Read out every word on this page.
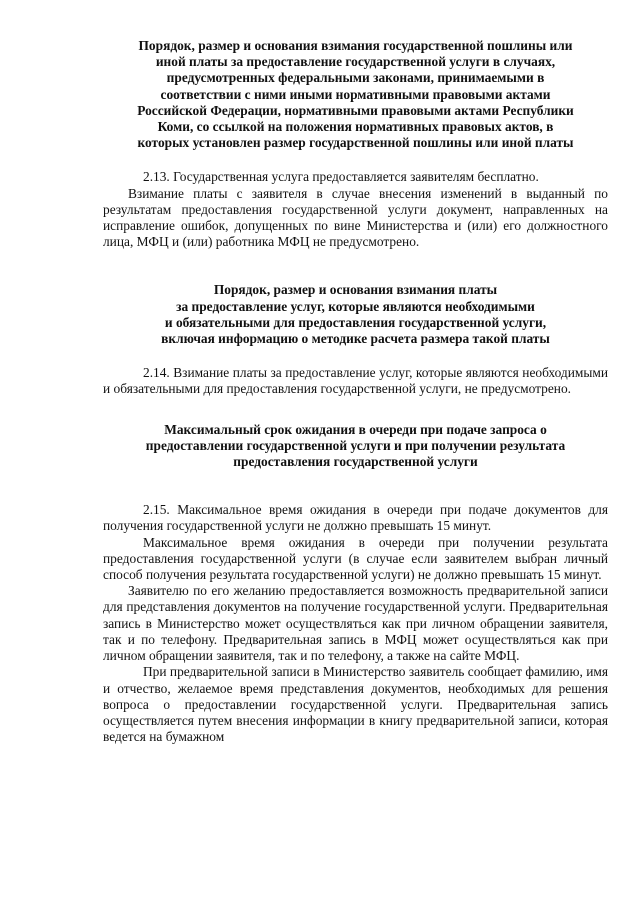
Порядок, размер и основания взимания государственной пошлины или
иной платы за предоставление государственной услуги в случаях,
предусмотренных федеральными законами, принимаемыми в
соответствии с ними иными нормативными правовыми актами
Российской Федерации, нормативными правовыми актами Республики
Коми, со ссылкой на положения нормативных правовых актов, в
которых установлен размер государственной пошлины или иной платы

2.13. Государственная услуга предоставляется заявителям бесплатно.

Взимание платы с заявителя в случае внесения изменений в выданный по результатам предоставления государственной услуги документ, направленных на исправление ошибок, допущенных по вине Министерства и (или) его должностного лица, МФЦ и (или) работника МФЦ не предусмотрено.

Порядок, размер и основания взимания платы
за предоставление услуг, которые являются необходимыми
и обязательными для предоставления государственной услуги,
включая информацию о методике расчета размера такой платы

2.14. Взимание платы за предоставление услуг, которые являются необходимыми и обязательными для предоставления государственной услуги, не предусмотрено.

Максимальный срок ожидания в очереди при подаче запроса о
предоставлении государственной услуги и при получении результата
предоставления государственной услуги

2.15. Максимальное время ожидания в очереди при подаче документов для получения государственной услуги не должно превышать 15 минут.

Максимальное время ожидания в очереди при получении результата предоставления государственной услуги (в случае если заявителем выбран личный способ получения результата государственной услуги) не должно превышать 15 минут.

Заявителю по его желанию предоставляется возможность предварительной записи для представления документов на получение государственной услуги. Предварительная запись в Министерство может осуществляться как при личном обращении заявителя, так и по телефону. Предварительная запись в МФЦ может осуществляться как при личном обращении заявителя, так и по телефону, а также на сайте МФЦ.

При предварительной записи в Министерство заявитель сообщает фамилию, имя и отчество, желаемое время представления документов, необходимых для решения вопроса о предоставлении государственной услуги. Предварительная запись осуществляется путем внесения информации в книгу предварительной записи, которая ведется на бумажном
